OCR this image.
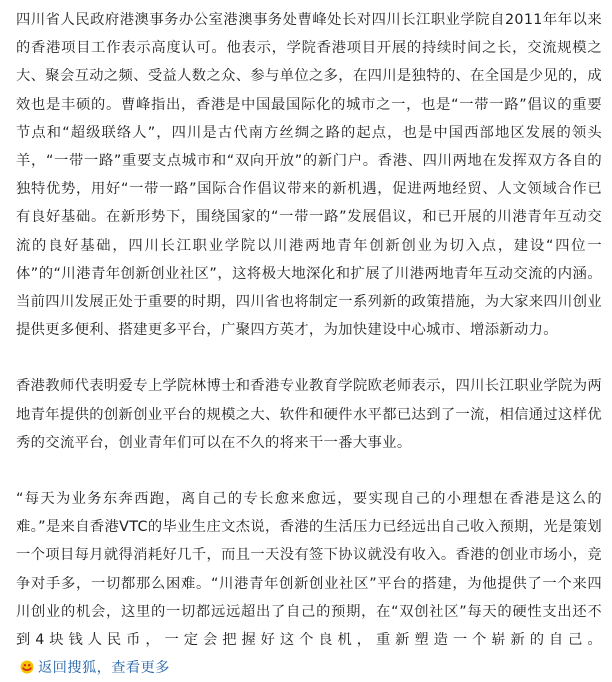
四川省人民政府港澳事务办公室港澳事务处曹峰处长对四川长江职业学院自2011年年以来的香港项目工作表示高度认可。他表示，学院香港项目开展的持续时间之长，交流规模之大、聚会互动之频、受益人数之众、参与单位之多，在四川是独特的、在全国是少见的，成效也是丰硕的。曹峰指出，香港是中国最国际化的城市之一，也是“一带一路”倡议的重要节点和“超级联络人”，四川是古代南方丝绸之路的起点，也是中国西部地区发展的领头羊，“一带一路”重要支点城市和“双向开放”的新门户。香港、四川两地在发挥双方各自的独特优势，用好“一带一路”国际合作倡议带来的新机遇，促进两地经贸、人文领域合作已有良好基础。在新形势下，围绕国家的“一带一路”发展倡议，和已开展的川港青年互动交流的良好基础，四川长江职业学院以川港两地青年创新创业为切入点，建设“四位一体”的“川港青年创新创业社区”，这将极大地深化和扩展了川港两地青年互动交流的内涵。当前四川发展正处于重要的时期，四川省也将制定一系列新的政策措施，为大家来四川创业提供更多便利、搭建更多平台，广聚四方英才，为加快建设中心城市、增添新动力。

香港教师代表明爱专上学院林博士和香港专业教育学院欧老师表示，四川长江职业学院为两地青年提供的创新创业平台的规模之大、软件和硬件水平都已达到了一流，相信通过这样优秀的交流平台，创业青年们可以在不久的将来干一番大事业。

“每天为业务东奔西跑，离自己的专长愈来愈远，要实现自己的小理想在香港是这么的难。”是来自香港VTC的毕业生庄文杰说，香港的生活压力已经远出自己收入预期，光是策划一个项目每月就得消耗好几千，而且一天没有签下协议就没有收入。香港的创业市场小，竞争对手多，一切都那么困难。“川港青年创新创业社区”平台的搭建，为他提供了一个来四川创业的机会，这里的一切都远远超出了自己的预期，在“双创社区”每天的硬性支出还不到4块钱人民币，一定会把握好这个良机，重新塑造一个崭新的自己。
返回搜狐，查看更多
